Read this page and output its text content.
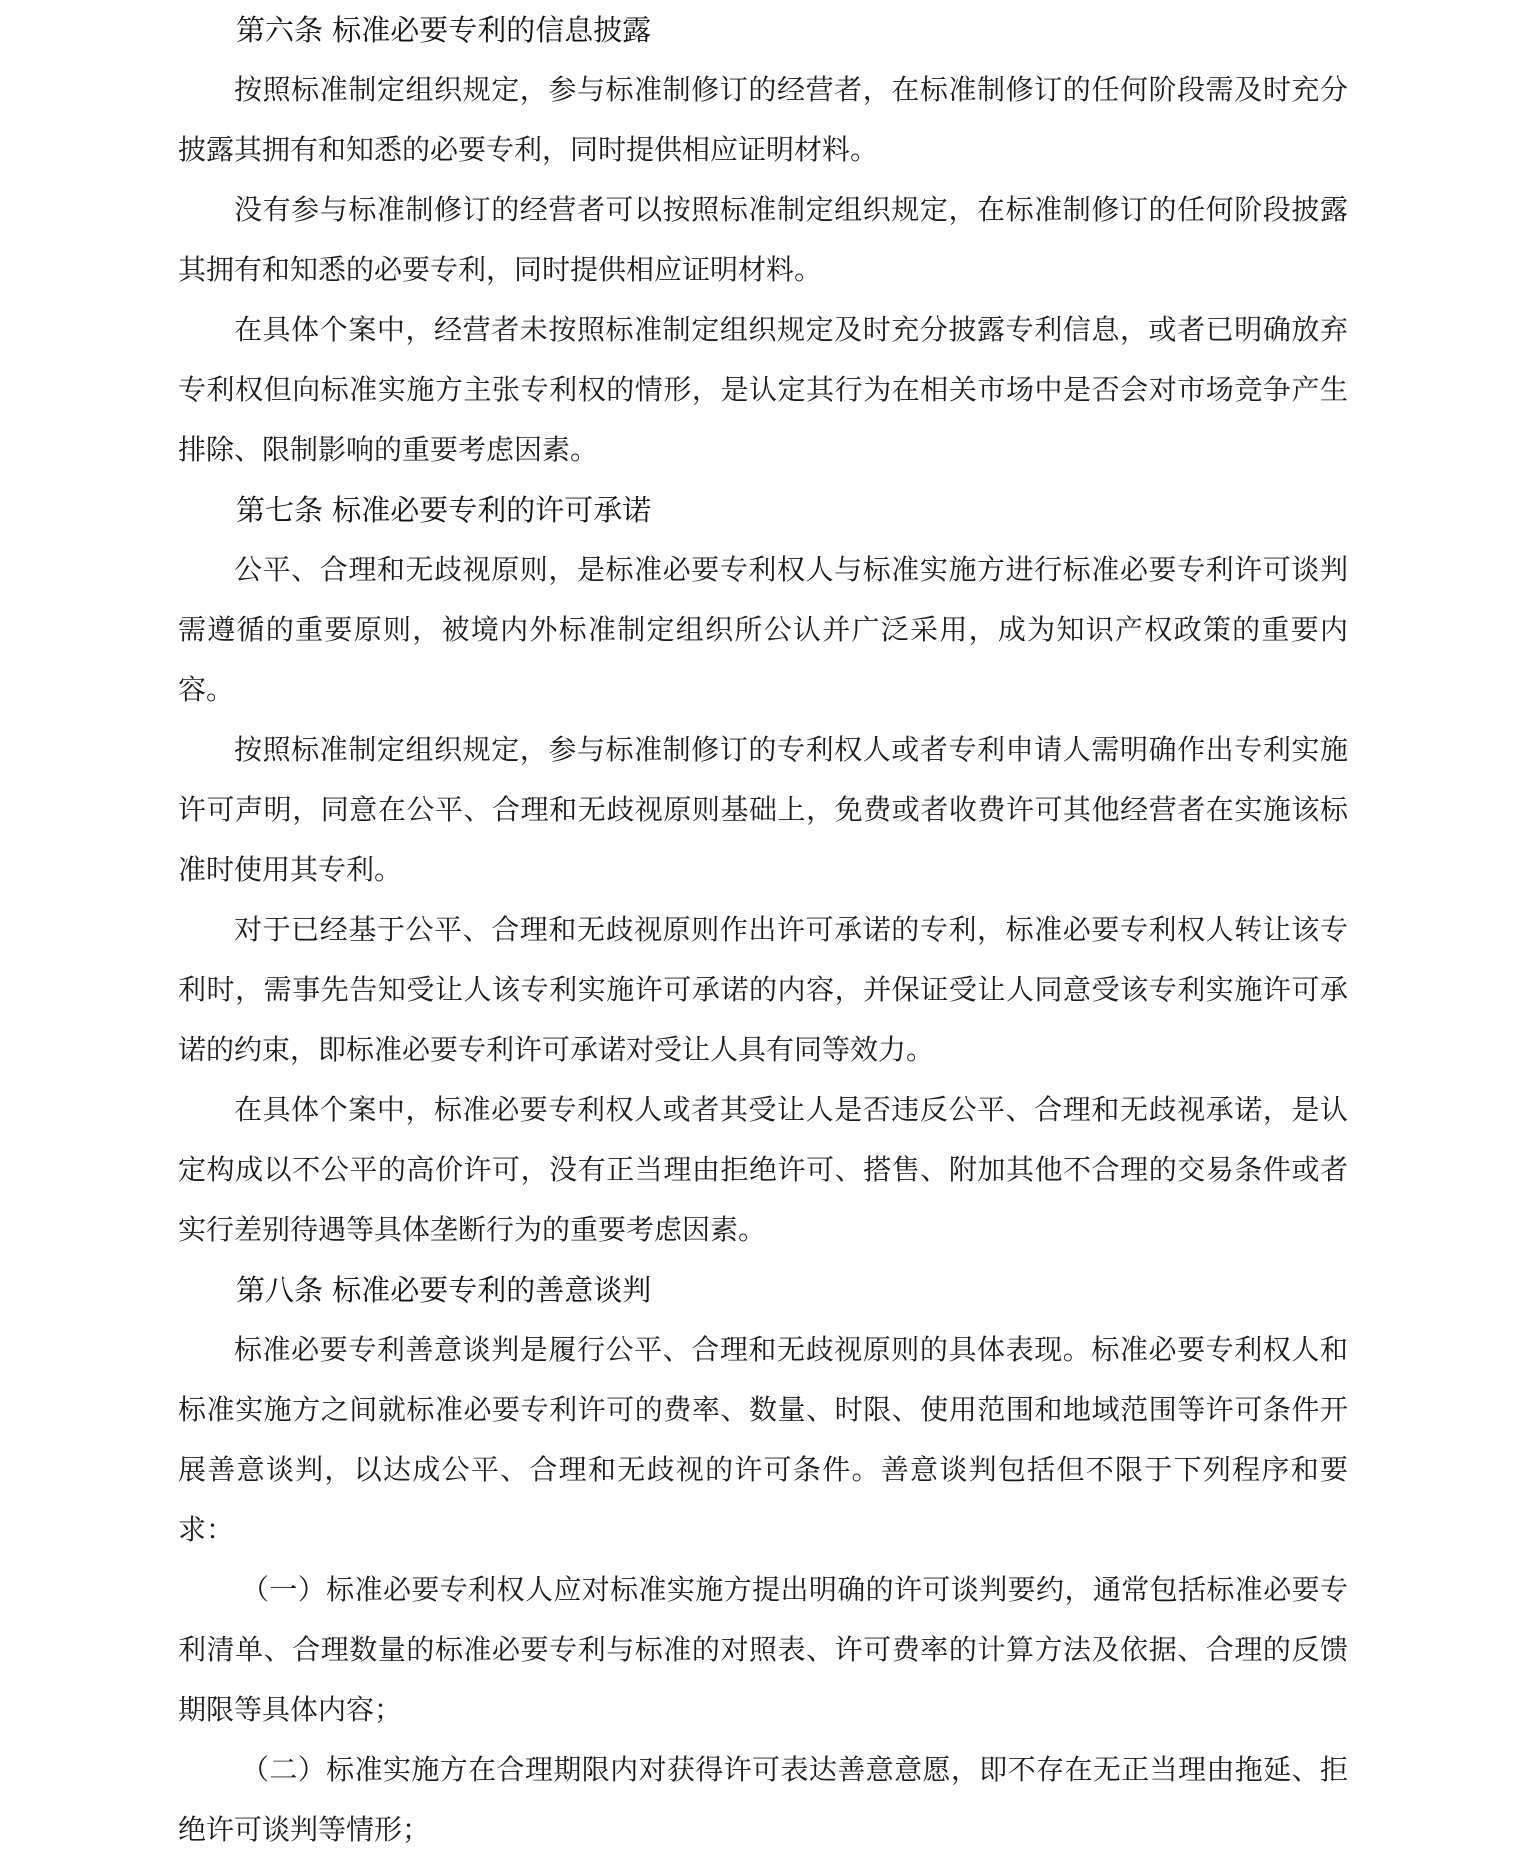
第六条 标准必要专利的信息披露

按照标准制定组织规定，参与标准制修订的经营者，在标准制修订的任何阶段需及时充分披露其拥有和知悉的必要专利，同时提供相应证明材料。

没有参与标准制修订的经营者可以按照标准制定组织规定，在标准制修订的任何阶段披露其拥有和知悉的必要专利，同时提供相应证明材料。

在具体个案中，经营者未按照标准制定组织规定及时充分披露专利信息，或者已明确放弃专利权但向标准实施方主张专利权的情形，是认定其行为在相关市场中是否会对市场竞争产生排除、限制影响的重要考虑因素。

第七条 标准必要专利的许可承诺

公平、合理和无歧视原则，是标准必要专利权人与标准实施方进行标准必要专利许可谈判需遵循的重要原则，被境内外标准制定组织所公认并广泛采用，成为知识产权政策的重要内容。

按照标准制定组织规定，参与标准制修订的专利权人或者专利申请人需明确作出专利实施许可声明，同意在公平、合理和无歧视原则基础上，免费或者收费许可其他经营者在实施该标准时使用其专利。

对于已经基于公平、合理和无歧视原则作出许可承诺的专利，标准必要专利权人转让该专利时，需事先告知受让人该专利实施许可承诺的内容，并保证受让人同意受该专利实施许可承诺的约束，即标准必要专利许可承诺对受让人具有同等效力。

在具体个案中，标准必要专利权人或者其受让人是否违反公平、合理和无歧视承诺，是认定构成以不公平的高价许可，没有正当理由拒绝许可、搭售、附加其他不合理的交易条件或者实行差别待遇等具体垄断行为的重要考虑因素。

第八条 标准必要专利的善意谈判

标准必要专利善意谈判是履行公平、合理和无歧视原则的具体表现。标准必要专利权人和标准实施方之间就标准必要专利许可的费率、数量、时限、使用范围和地域范围等许可条件开展善意谈判，以达成公平、合理和无歧视的许可条件。善意谈判包括但不限于下列程序和要求：

（一）标准必要专利权人应对标准实施方提出明确的许可谈判要约，通常包括标准必要专利清单、合理数量的标准必要专利与标准的对照表、许可费率的计算方法及依据、合理的反馈期限等具体内容；

（二）标准实施方在合理期限内对获得许可表达善意意愿，即不存在无正当理由拖延、拒绝许可谈判等情形；
